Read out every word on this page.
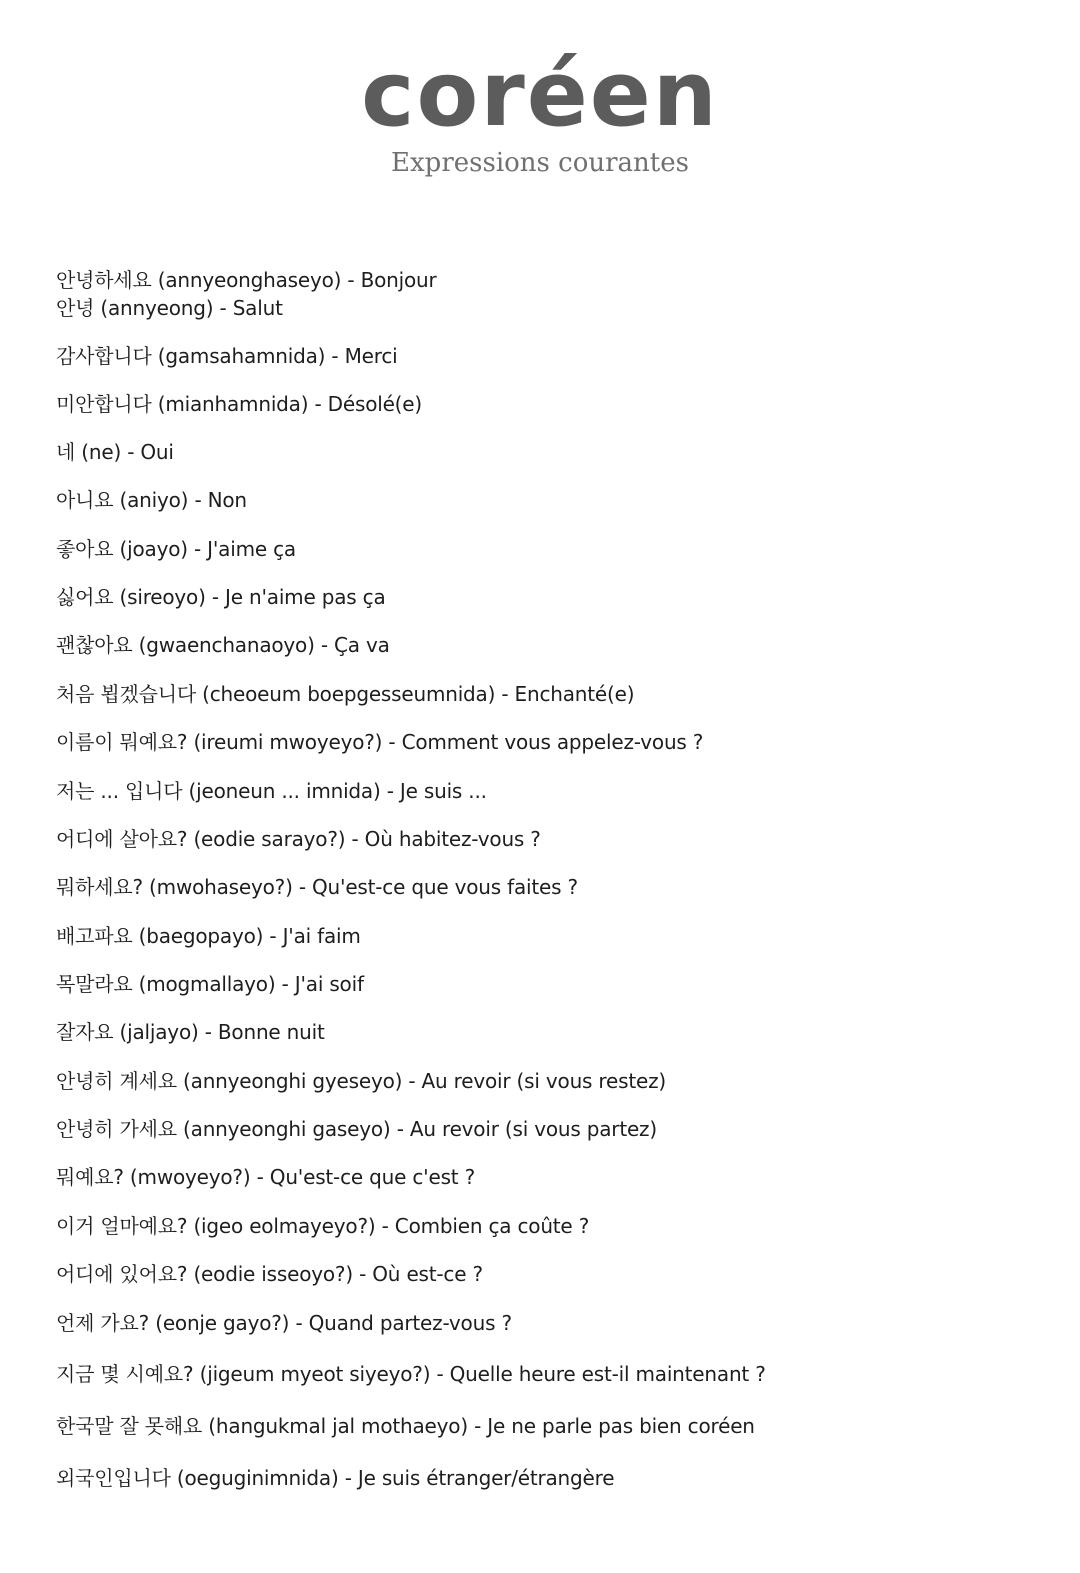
coréen
Expressions courantes
안녕하세요 (annyeonghaseyo) - Bonjour
안녕 (annyeong) - Salut
감사합니다 (gamsahamnida) - Merci
미안합니다 (mianhamnida) - Désolé(e)
네 (ne) - Oui
아니요 (aniyo) - Non
좋아요 (joayo) - J'aime ça
싫어요 (sireoyo) - Je n'aime pas ça
괜찮아요 (gwaenchanaoyo) - Ça va
처음 뵙겠습니다 (cheoeum boepgesseumnida) - Enchanté(e)
이름이 뭐예요? (ireumi mwoyeyo?) - Comment vous appelez-vous ?
저는 ... 입니다 (jeoneun ... imnida) - Je suis ...
어디에 살아요? (eodie sarayo?) - Où habitez-vous ?
뭐하세요? (mwohaseyo?) - Qu'est-ce que vous faites ?
배고파요 (baegopayo) - J'ai faim
목말라요 (mogmallayo) - J'ai soif
잘자요 (jaljayo) - Bonne nuit
안녕히 계세요 (annyeonghi gyeseyo) - Au revoir (si vous restez)
안녕히 가세요 (annyeonghi gaseyo) - Au revoir (si vous partez)
뭐예요? (mwoyeyo?) - Qu'est-ce que c'est ?
이거 얼마예요? (igeo eolmayeyo?) - Combien ça coûte ?
어디에 있어요? (eodie isseoyo?) - Où est-ce ?
언제 가요? (eonje gayo?) - Quand partez-vous ?
지금 몇 시예요? (jigeum myeot siyeyo?) - Quelle heure est-il maintenant ?
한국말 잘 못해요 (hangukmal jal mothaeyo) - Je ne parle pas bien coréen
외국인입니다 (oeguginimnida) - Je suis étranger/étrangère
